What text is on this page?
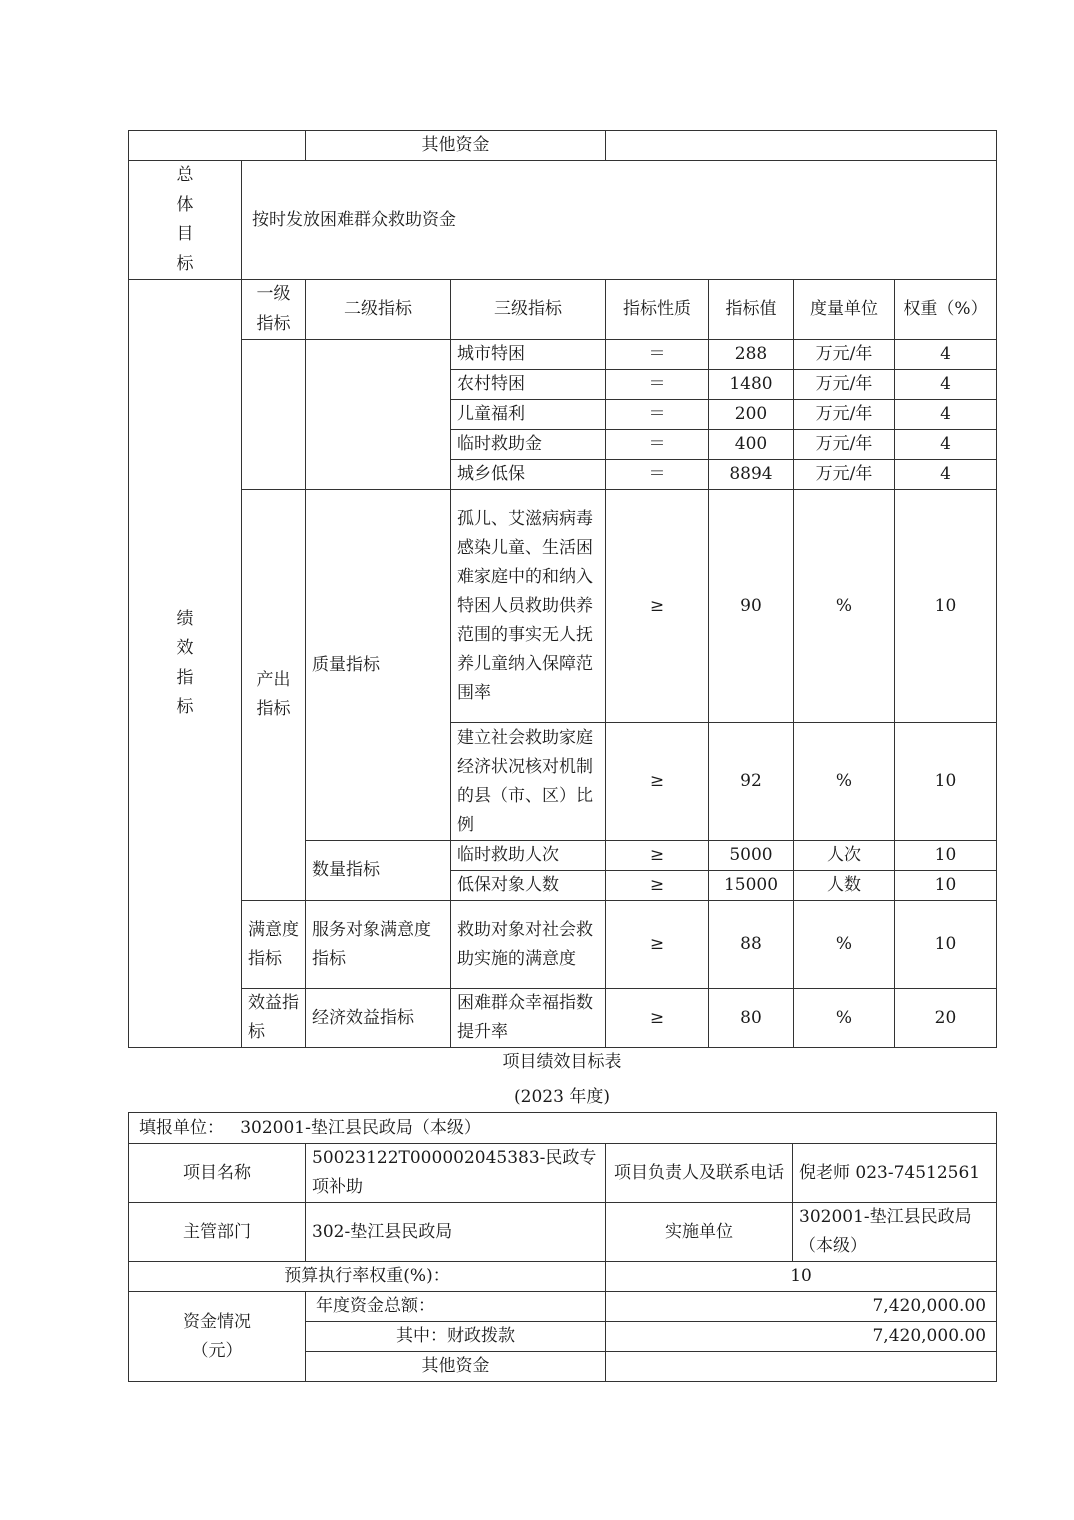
		其他资金					
总体目标	按时发放困难群众救助资金						
绩效指标	一级指标	二级指标	三级指标	指标性质	指标值	度量单位	权重（%）
			城市特困	＝	288	万元/年	4
			农村特困	＝	1480	万元/年	4
			儿童福利	＝	200	万元/年	4
			临时救助金	＝	400	万元/年	4
			城乡低保	＝	8894	万元/年	4
	产出指标	质量指标	孤儿、艾滋病病毒感染儿童、生活困难家庭中的和纳入特困人员救助供养范围的事实无人抚养儿童纳入保障范围率	≥	90	%	10
			建立社会救助家庭经济状况核对机制的县（市、区）比例	≥	92	%	10
		数量指标	临时救助人次	≥	5000	人次	10
			低保对象人数	≥	15000	人数	10
	满意度指标	服务对象满意度指标	救助对象对社会救助实施的满意度	≥	88	%	10
	效益指标	经济效益指标	困难群众幸福指数提升率	≥	80	%	20
项目绩效目标表
(2023 年度)
填报单位： 302001-垫江县民政局（本级）			
项目名称	50023122T000002045383-民政专项补助	项目负责人及联系电话	倪老师 023-74512561
主管部门	302-垫江县民政局	实施单位	302001-垫江县民政局（本级）
预算执行率权重(%)：		10	
资金情况（元）	年度资金总额：	7,420,000.00	
	其中：财政拨款	7,420,000.00	
	其他资金		
